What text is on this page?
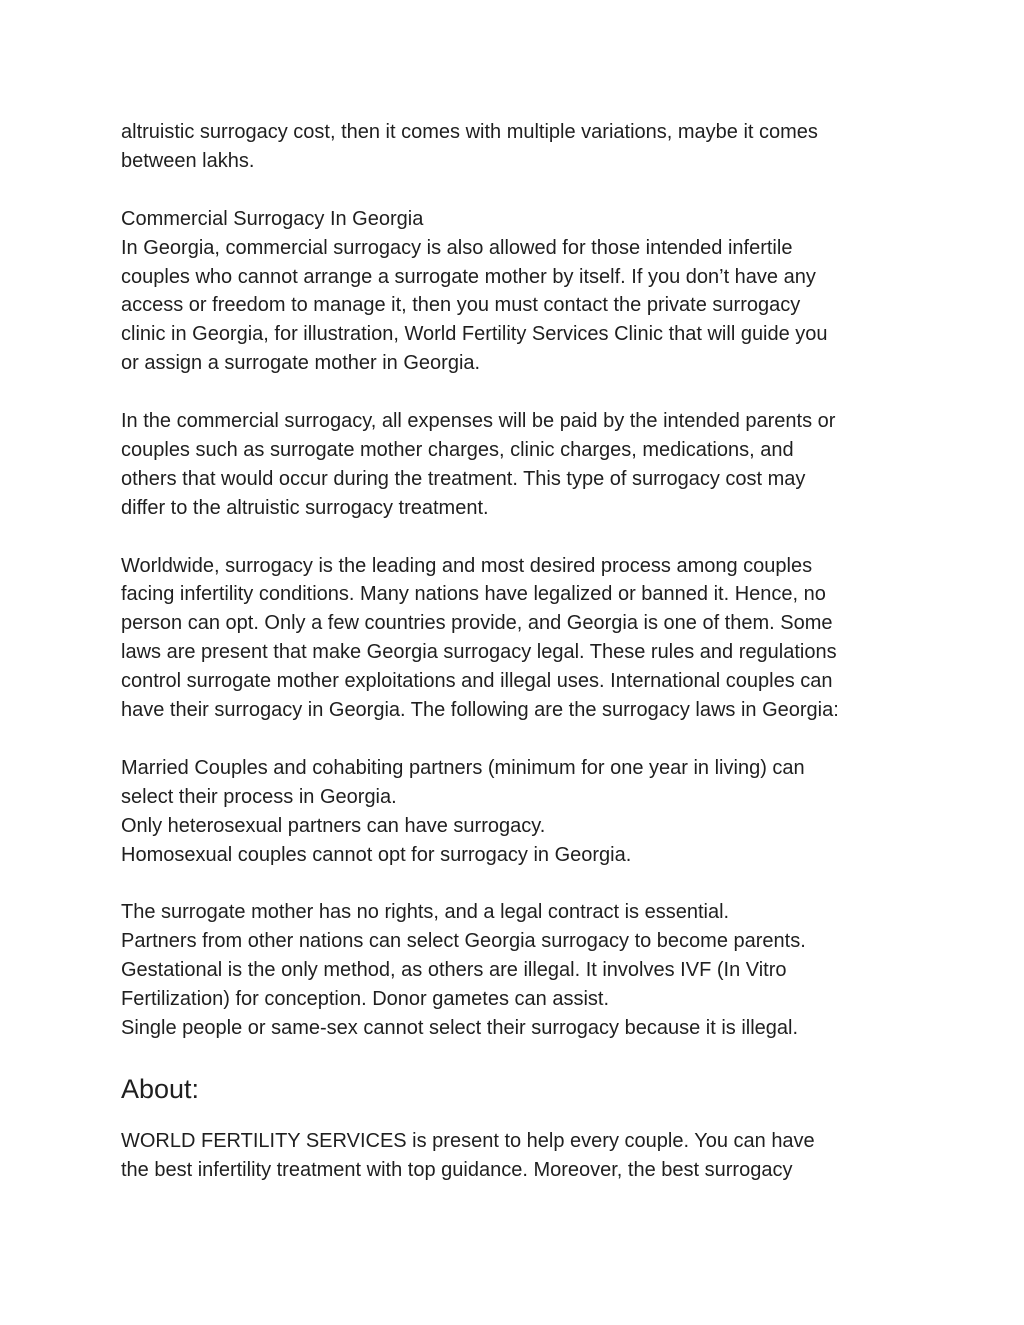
altruistic surrogacy cost, then it comes with multiple variations, maybe it comes
between lakhs.
Commercial Surrogacy In Georgia
In Georgia, commercial surrogacy is also allowed for those intended infertile
couples who cannot arrange a surrogate mother by itself. If you don’t have any
access or freedom to manage it, then you must contact the private surrogacy
clinic in Georgia, for illustration, World Fertility Services Clinic that will guide you
or assign a surrogate mother in Georgia.
In the commercial surrogacy, all expenses will be paid by the intended parents or
couples such as surrogate mother charges, clinic charges, medications, and
others that would occur during the treatment. This type of surrogacy cost may
differ to the altruistic surrogacy treatment.
Worldwide, surrogacy is the leading and most desired process among couples
facing infertility conditions. Many nations have legalized or banned it. Hence, no
person can opt. Only a few countries provide, and Georgia is one of them. Some
laws are present that make Georgia surrogacy legal. These rules and regulations
control surrogate mother exploitations and illegal uses. International couples can
have their surrogacy in Georgia. The following are the surrogacy laws in Georgia:
Married Couples and cohabiting partners (minimum for one year in living) can
select their process in Georgia.
Only heterosexual partners can have surrogacy.
Homosexual couples cannot opt for surrogacy in Georgia.
The surrogate mother has no rights, and a legal contract is essential.
Partners from other nations can select Georgia surrogacy to become parents.
Gestational is the only method, as others are illegal. It involves IVF (In Vitro
Fertilization) for conception. Donor gametes can assist.
Single people or same-sex cannot select their surrogacy because it is illegal.
About:
WORLD FERTILITY SERVICES is present to help every couple. You can have
the best infertility treatment with top guidance. Moreover, the best surrogacy
